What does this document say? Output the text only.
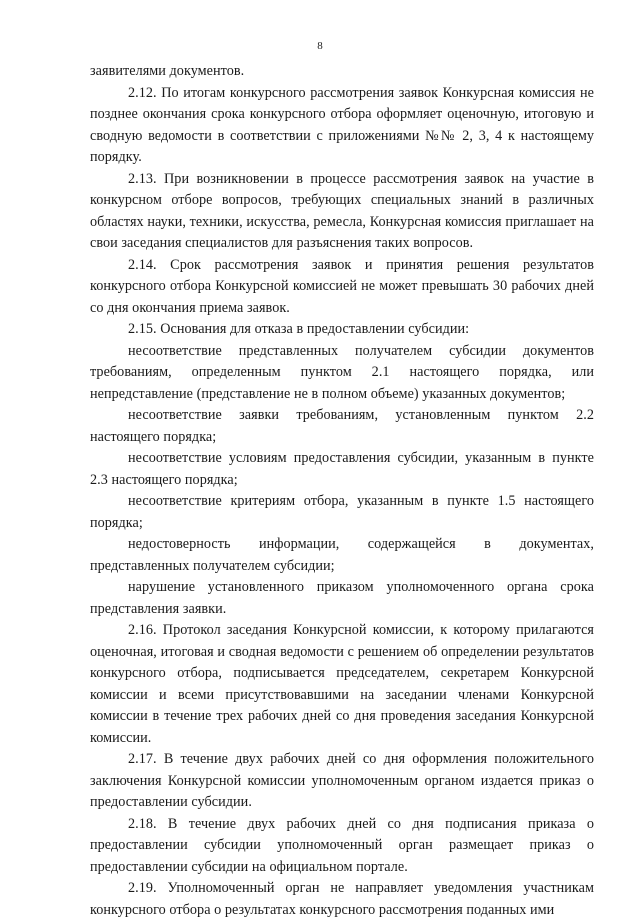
8

заявителями документов.

2.12. По итогам конкурсного рассмотрения заявок Конкурсная комиссия не позднее окончания срока конкурсного отбора оформляет оценочную, итоговую и сводную ведомости в соответствии с приложениями №№ 2, 3, 4 к настоящему порядку.

2.13. При возникновении в процессе рассмотрения заявок на участие в конкурсном отборе вопросов, требующих специальных знаний в различных областях науки, техники, искусства, ремесла, Конкурсная комиссия приглашает на свои заседания специалистов для разъяснения таких вопросов.

2.14. Срок рассмотрения заявок и принятия решения результатов конкурсного отбора Конкурсной комиссией не может превышать 30 рабочих дней со дня окончания приема заявок.

2.15. Основания для отказа в предоставлении субсидии:

несоответствие представленных получателем субсидии документов требованиям, определенным пунктом 2.1 настоящего порядка, или непредставление (представление не в полном объеме) указанных документов;

несоответствие заявки требованиям, установленным пунктом 2.2 настоящего порядка;

несоответствие условиям предоставления субсидии, указанным в пункте 2.3 настоящего порядка;

несоответствие критериям отбора, указанным в пункте 1.5 настоящего порядка;

недостоверность информации, содержащейся в документах, представленных получателем субсидии;

нарушение установленного приказом уполномоченного органа срока представления заявки.

2.16. Протокол заседания Конкурсной комиссии, к которому прилагаются оценочная, итоговая и сводная ведомости с решением об определении результатов конкурсного отбора, подписывается председателем, секретарем Конкурсной комиссии и всеми присутствовавшими на заседании членами Конкурсной комиссии в течение трех рабочих дней со дня проведения заседания Конкурсной комиссии.

2.17. В течение двух рабочих дней со дня оформления положительного заключения Конкурсной комиссии уполномоченным органом издается приказ о предоставлении субсидии.

2.18. В течение двух рабочих дней со дня подписания приказа о предоставлении субсидии уполномоченный орган размещает приказ о предоставлении субсидии на официальном портале.

2.19. Уполномоченный орган не направляет уведомления участникам конкурсного отбора о результатах конкурсного рассмотрения поданных ими
